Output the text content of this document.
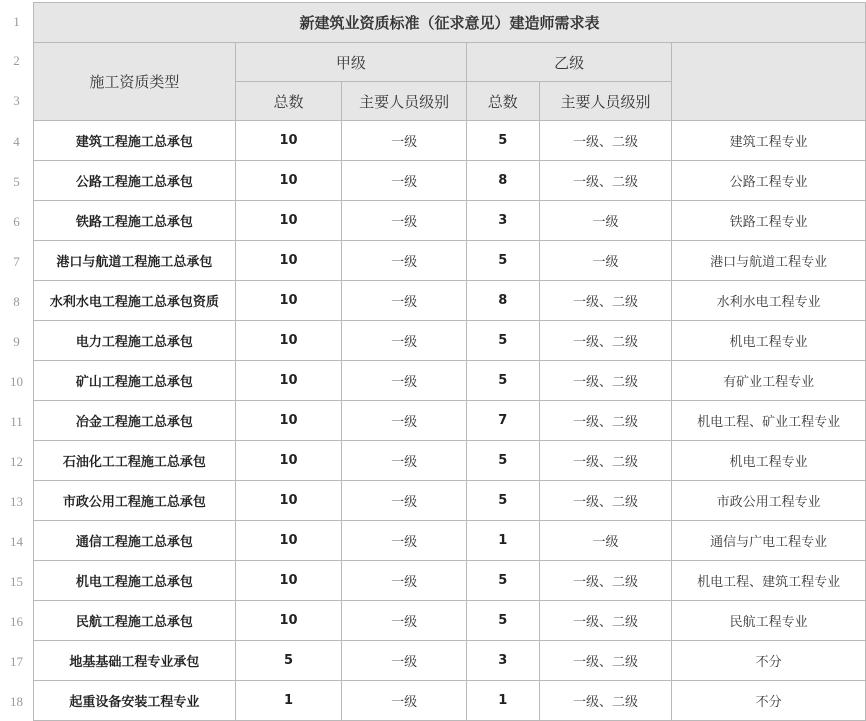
1
2
3
4
5
6
7
8
9
10
11
12
13
14
15
16
17
18
新建筑业资质标准（征求意见）建造师需求表					
施工资质类型	甲级		乙级		
	总数	主要人员级别	总数	主要人员级别	
建筑工程施工总承包	10	一级	5	一级、二级	建筑工程专业
公路工程施工总承包	10	一级	8	一级、二级	公路工程专业
铁路工程施工总承包	10	一级	3	一级	铁路工程专业
港口与航道工程施工总承包	10	一级	5	一级	港口与航道工程专业
水利水电工程施工总承包资质	10	一级	8	一级、二级	水利水电工程专业
电力工程施工总承包	10	一级	5	一级、二级	机电工程专业
矿山工程施工总承包	10	一级	5	一级、二级	有矿业工程专业
冶金工程施工总承包	10	一级	7	一级、二级	机电工程、矿业工程专业
石油化工工程施工总承包	10	一级	5	一级、二级	机电工程专业
市政公用工程施工总承包	10	一级	5	一级、二级	市政公用工程专业
通信工程施工总承包	10	一级	1	一级	通信与广电工程专业
机电工程施工总承包	10	一级	5	一级、二级	机电工程、建筑工程专业
民航工程施工总承包	10	一级	5	一级、二级	民航工程专业
地基基础工程专业承包	5	一级	3	一级、二级	不分
起重设备安装工程专业	1	一级	1	一级、二级	不分
